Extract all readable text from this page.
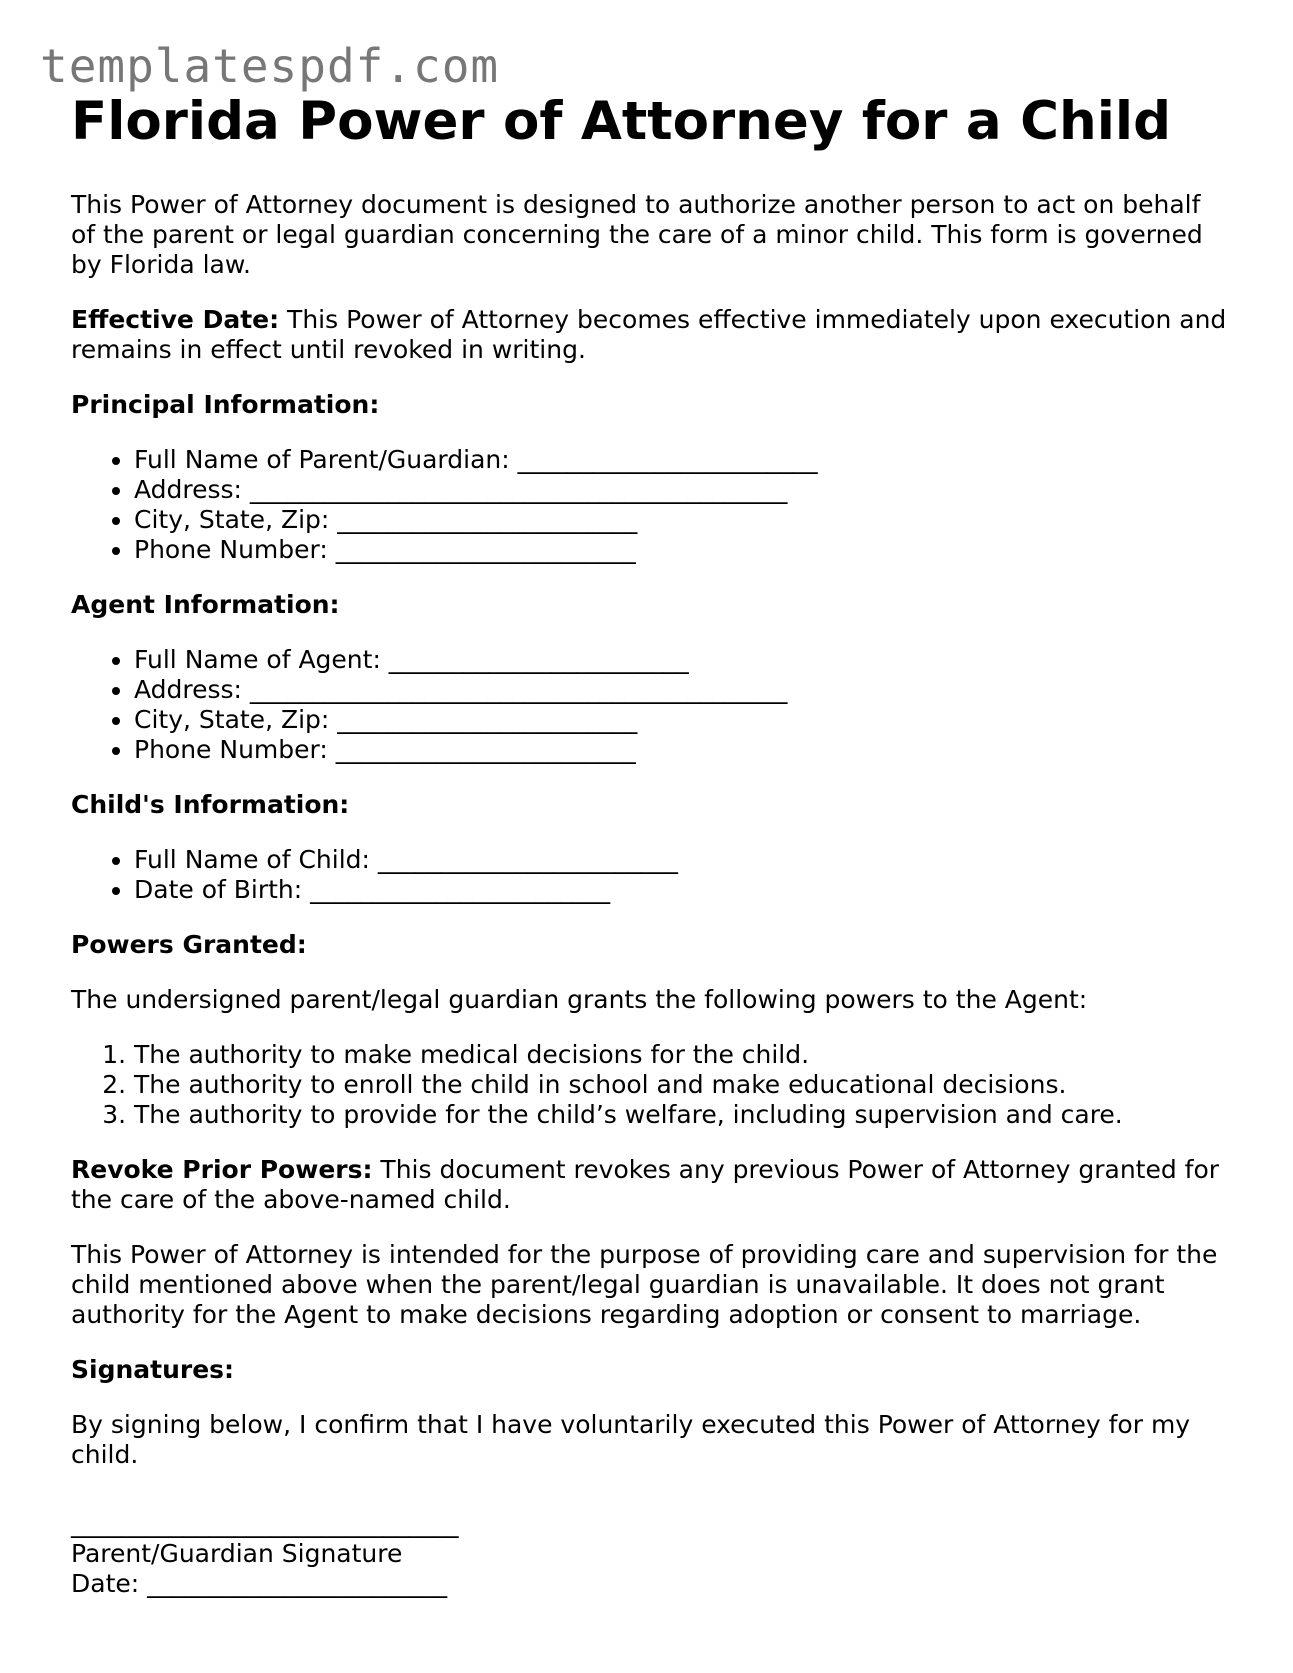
templatespdf.com
Florida Power of Attorney for a Child

This Power of Attorney document is designed to authorize another person to act on behalf of the parent or legal guardian concerning the care of a minor child. This form is governed by Florida law.

Effective Date: This Power of Attorney becomes effective immediately upon execution and remains in effect until revoked in writing.

Principal Information:

• Full Name of Parent/Guardian: ________________________
• Address: ___________________________________________
• City, State, Zip: ________________________
• Phone Number: ________________________

Agent Information:

• Full Name of Agent: ________________________
• Address: ___________________________________________
• City, State, Zip: ________________________
• Phone Number: ________________________

Child's Information:

• Full Name of Child: ________________________
• Date of Birth: ________________________

Powers Granted:

The undersigned parent/legal guardian grants the following powers to the Agent:

1. The authority to make medical decisions for the child.
2. The authority to enroll the child in school and make educational decisions.
3. The authority to provide for the child’s welfare, including supervision and care.

Revoke Prior Powers: This document revokes any previous Power of Attorney granted for the care of the above-named child.

This Power of Attorney is intended for the purpose of providing care and supervision for the child mentioned above when the parent/legal guardian is unavailable. It does not grant authority for the Agent to make decisions regarding adoption or consent to marriage.

Signatures:

By signing below, I confirm that I have voluntarily executed this Power of Attorney for my child.

_______________________________

Parent/Guardian Signature

Date: ________________________
